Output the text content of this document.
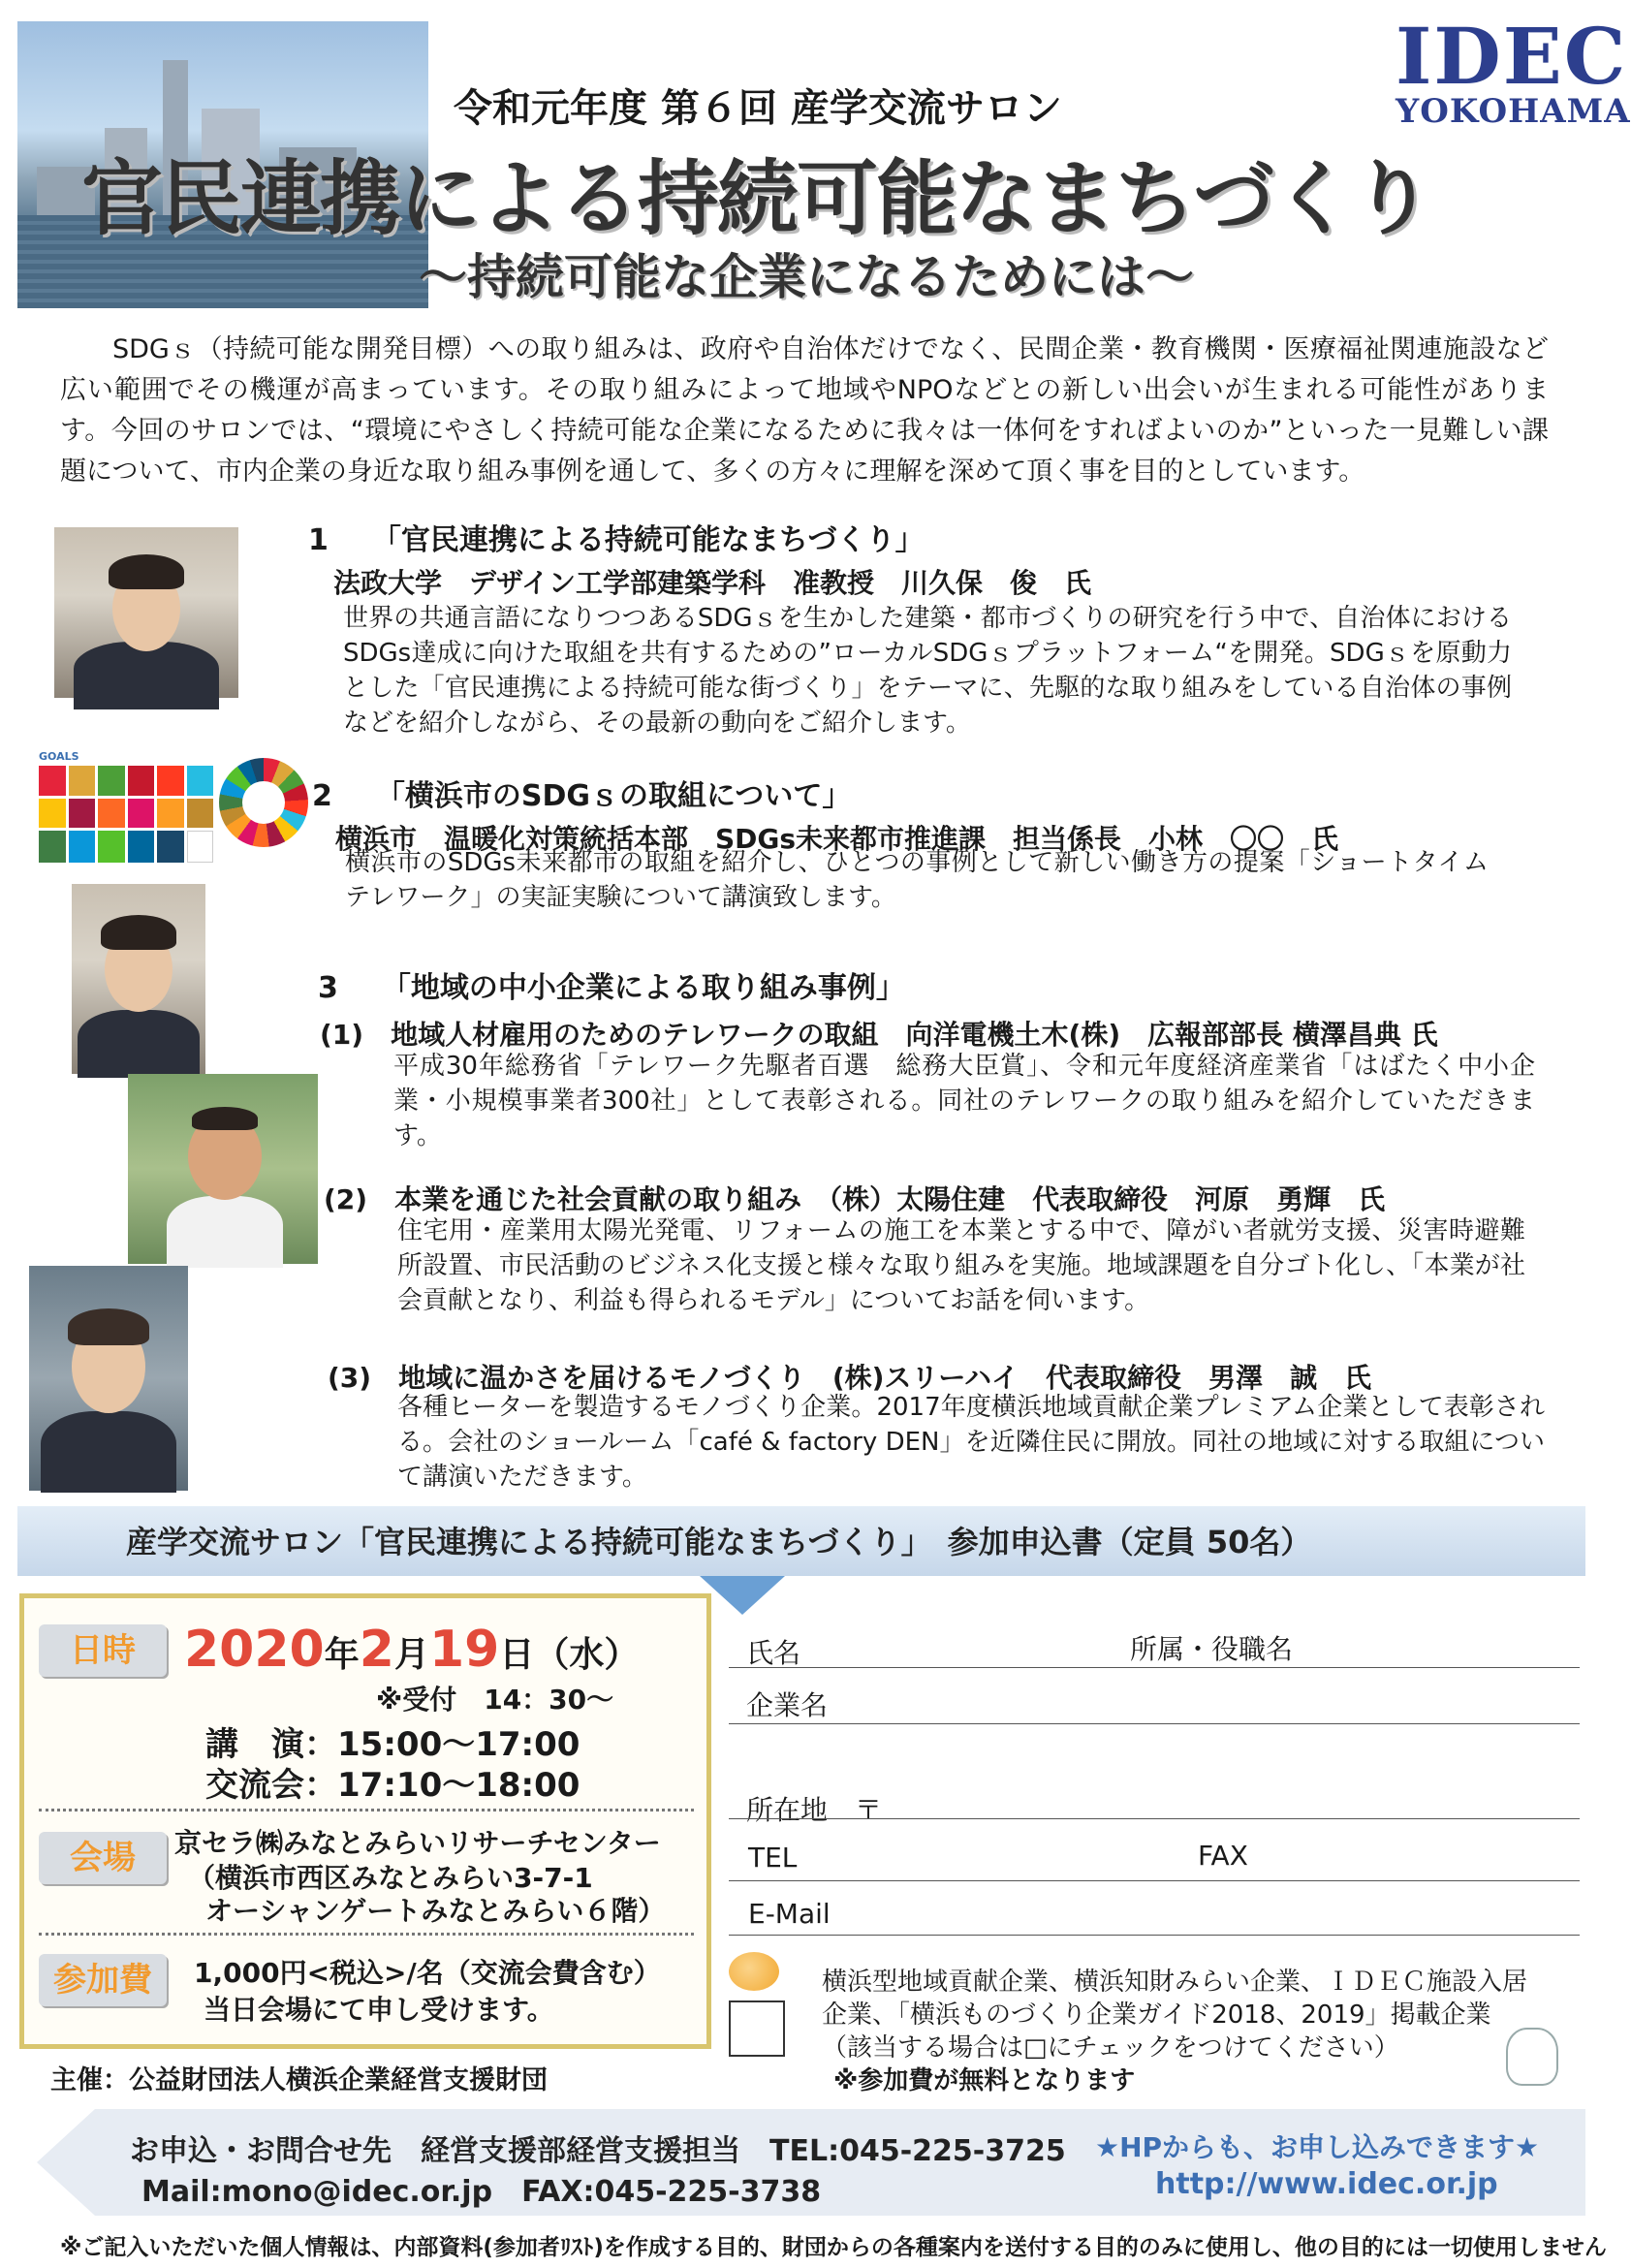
IDEC
YOKOHAMA
令和元年度 第６回 産学交流サロン
官民連携による持続可能なまちづくり
～持続可能な企業になるためには～
SDGｓ（持続可能な開発目標）への取り組みは、政府や自治体だけでなく、民間企業・教育機関・医療福祉関連施設など広い範囲でその機運が高まっています。その取り組みによって地域やNPOなどとの新しい出会いが生まれる可能性があります。今回のサロンでは、“環境にやさしく持続可能な企業になるために我々は一体何をすればよいのか”といった一見難しい課題について、市内企業の身近な取り組み事例を通して、多くの方々に理解を深めて頂く事を目的としています。
1　　 「官民連携による持続可能なまちづくり」
法政大学　デザイン工学部建築学科　准教授　川久保　俊　氏
世界の共通言語になりつつあるSDGｓを生かした建築・都市づくりの研究を行う中で、自治体におけるSDGs達成に向けた取組を共有するための”ローカルSDGｓプラットフォーム“を開発。SDGｓを原動力とした「官民連携による持続可能な街づくり」をテーマに、先駆的な取り組みをしている自治体の事例などを紹介しながら、その最新の動向をご紹介します。
GOALS
2　　 「横浜市のSDGｓの取組について」
横浜市　温暖化対策統括本部　SDGs未来都市推進課　担当係長　小林　〇〇　氏
横浜市のSDGs未来都市の取組を紹介し、ひとつの事例として新しい働き方の提案「ショートタイムテレワーク」の実証実験について講演致します。
3　　 「地域の中小企業による取り組み事例」
(1)　 地域人材雇用のためのテレワークの取組　向洋電機土木(株)　広報部部長 横澤昌典 氏
平成30年総務省「テレワーク先駆者百選　総務大臣賞」、令和元年度経済産業省「はばたく中小企業・小規模事業者300社」として表彰される。同社のテレワークの取り組みを紹介していただきます。
(2)　 本業を通じた社会貢献の取り組み　（株）太陽住建　代表取締役　河原　勇輝　氏
住宅用・産業用太陽光発電、リフォームの施工を本業とする中で、障がい者就労支援、災害時避難所設置、市民活動のビジネス化支援と様々な取り組みを実施。地域課題を自分ゴト化し、「本業が社会貢献となり、利益も得られるモデル」についてお話を伺います。
(3)　 地域に温かさを届けるモノづくり　(株)スリーハイ　代表取締役　男澤　誠　氏
各種ヒーターを製造するモノづくり企業。2017年度横浜地域貢献企業プレミアム企業として表彰される。会社のショールーム「café & factory DEN」を近隣住民に開放。同社の地域に対する取組について講演いただきます。
産学交流サロン「官民連携による持続可能なまちづくり」　参加申込書（定員 50名）
日時 2020年2月19日（水）
※受付　14：30～
講　演：15:00～17:00
交流会：17:10～18:00
会場	京セラ㈱みなとみらいリサーチセンター
（横浜市西区みなとみらい3-7-1
オーシャンゲートみなとみらい６階）
参加費	1,000円<税込>/名（交流会費含む）
当日会場にて申し受けます。
主催：公益財団法人横浜企業経営支援財団
氏名	所属・役職名
企業名
所在地　〒
TEL	FAX
E-Mail
横浜型地域貢献企業、横浜知財みらい企業、ＩＤＥＣ施設入居
企業、「横浜ものづくり企業ガイド2018、2019」掲載企業
（該当する場合は□にチェックをつけてください）
※参加費が無料となります
お申込・お問合せ先　経営支援部経営支援担当　TEL:045-225-3725 ★HPからも、お申し込みできます★
Mail:mono@idec.or.jp　FAX:045-225-3738	http://www.idec.or.jp
※ご記入いただいた個人情報は、内部資料(参加者ﾘｽﾄ)を作成する目的、財団からの各種案内を送付する目的のみに使用し、他の目的には一切使用しません
